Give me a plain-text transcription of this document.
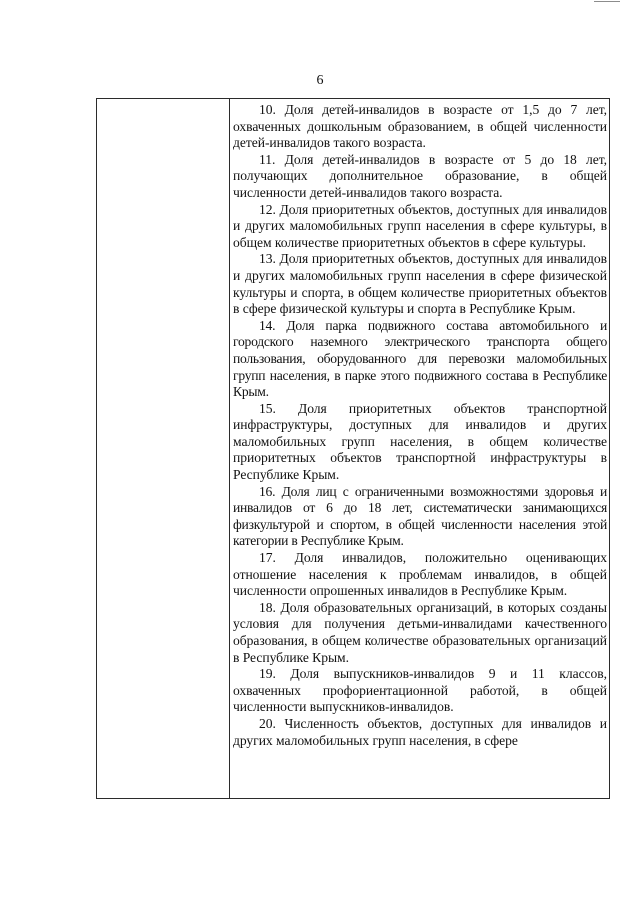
6

10. Доля детей-инвалидов в возрасте от 1,5 до 7 лет, охваченных дошкольным образованием, в общей численности детей-инвалидов такого возраста.

11. Доля детей-инвалидов в возрасте от 5 до 18 лет, получающих дополнительное образование, в общей численности детей-инвалидов такого возраста.

12. Доля приоритетных объектов, доступных для инвалидов и других маломобильных групп населения в сфере культуры, в общем количестве приоритетных объектов в сфере культуры.

13. Доля приоритетных объектов, доступных для инвалидов и других маломобильных групп населения в сфере физической культуры и спорта, в общем количестве приоритетных объектов в сфере физической культуры и спорта в Республике Крым.

14. Доля парка подвижного состава автомобильного и городского наземного электрического транспорта общего пользования, оборудованного для перевозки маломобильных групп населения, в парке этого подвижного состава в Республике Крым.

15. Доля приоритетных объектов транспортной инфраструктуры, доступных для инвалидов и других маломобильных групп населения, в общем количестве приоритетных объектов транспортной инфраструктуры в Республике Крым.

16. Доля лиц с ограниченными возможностями здоровья и инвалидов от 6 до 18 лет, систематически занимающихся физкультурой и спортом, в общей численности населения этой категории в Республике Крым.

17. Доля инвалидов, положительно оценивающих отношение населения к проблемам инвалидов, в общей численности опрошенных инвалидов в Республике Крым.

18. Доля образовательных организаций, в которых созданы условия для получения детьми-инвалидами качественного образования, в общем количестве образовательных организаций в Республике Крым.

19. Доля выпускников-инвалидов 9 и 11 классов, охваченных профориентационной работой, в общей численности выпускников-инвалидов.

20. Численность объектов, доступных для инвалидов и других маломобильных групп населения, в сфере
